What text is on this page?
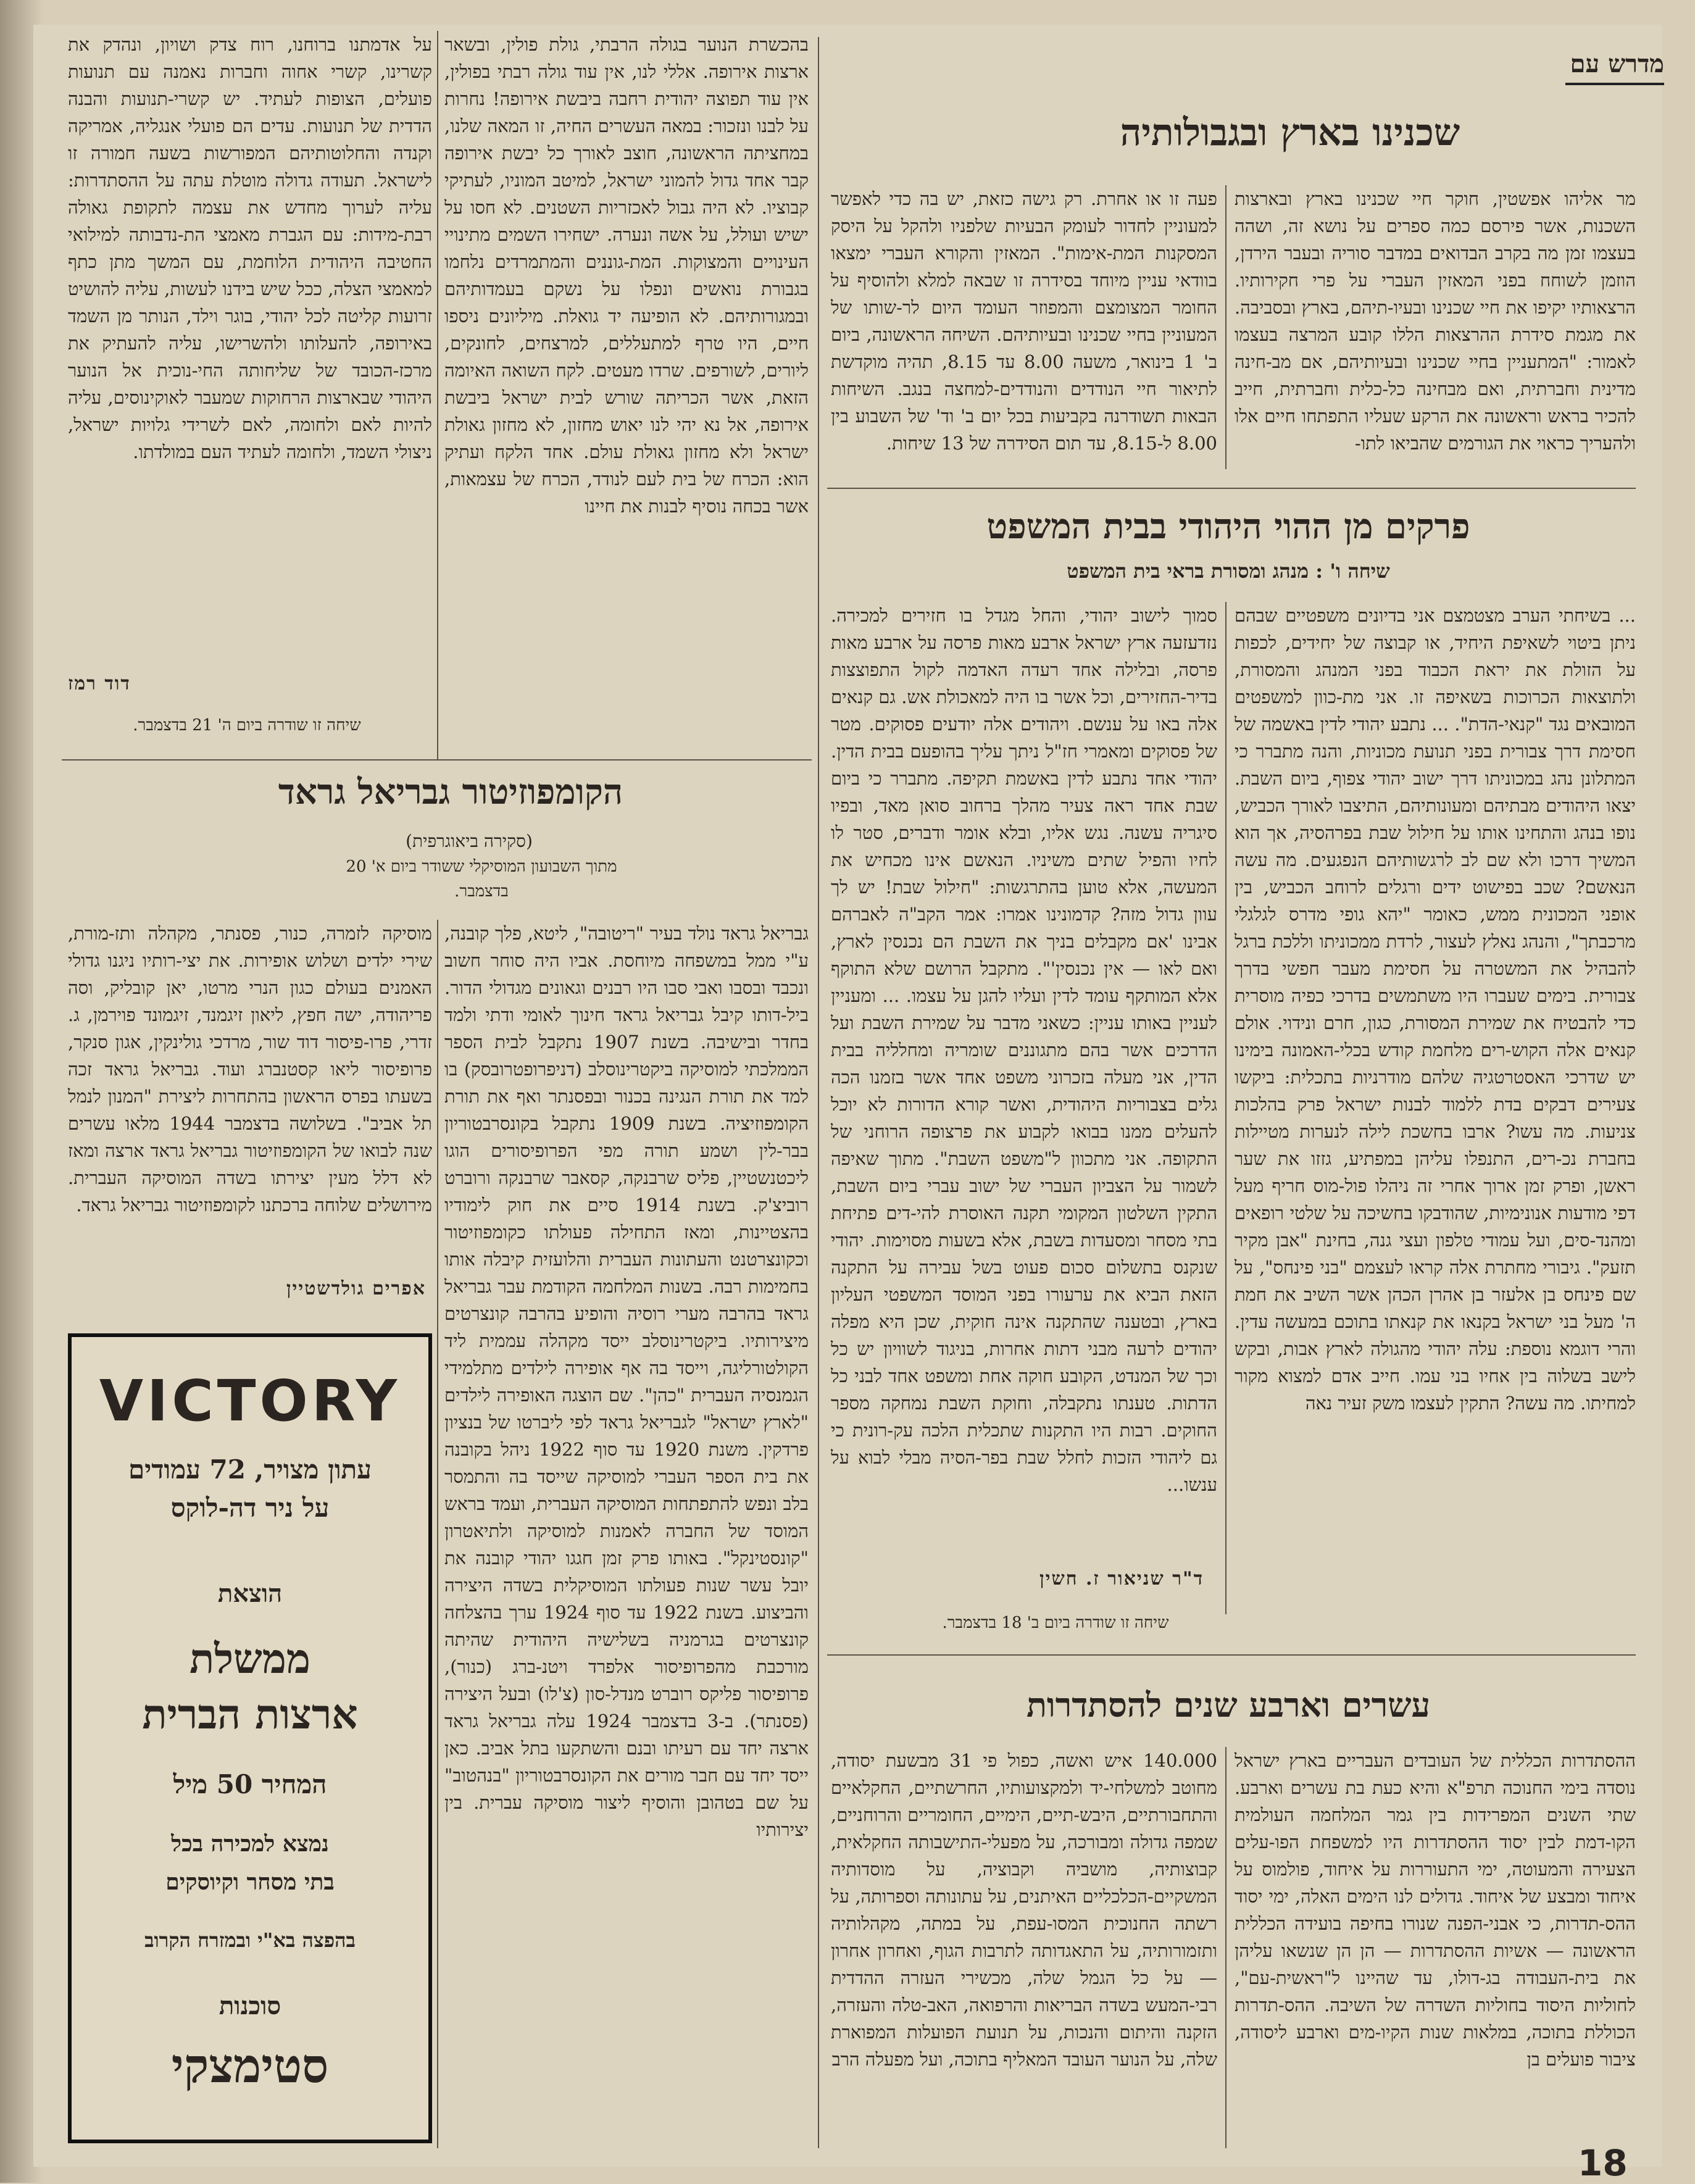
מדרש עם
שכנינו בארץ ובגבולותיה

מר אליהו אפשטין, חוקר חיי שכנינו בארץ ובארצות השכנות, אשר פירסם כמה ספרים על נושא זה, ושהה בעצמו זמן מה בקרב הבדואים במדבר סוריה ובעבר הירדן, הוזמן לשוחח בפני המאזין העברי על פרי חקירותיו. הרצאותיו יקיפו את חיי שכנינו ובעיו-תיהם, בארץ ובסביבה. את מגמת סידרת ההרצאות הללו קובע המרצה בעצמו לאמור: "המתעניין בחיי שכנינו ובעיותיהם, אם מב-חינה מדינית וחברתית, ואם מבחינה כל-כלית וחברתית, חייב להכיר בראש וראשונה את הרקע שעליו התפתחו חיים אלו ולהעריך כראוי את הגורמים שהביאו לתו-

פעה זו או אחרת. רק גישה כזאת, יש בה כדי לאפשר למעוניין לחדור לעומק הבעיות שלפניו ולהקל על היסק המסקנות המת-אימות". המאזין והקורא העברי ימצאו בוודאי עניין מיוחד בסידרה זו שבאה למלא ולהוסיף על החומר המצומצם והמפוזר העומד היום לר-שותו של המעוניין בחיי שכנינו ובעיותיהם. השיחה הראשונה, ביום ב' 1 בינואר, משעה 8.00 עד 8.15, תהיה מוקדשת לתיאור חיי הנודדים והנודדים-למחצה בנגב. השיחות הבאות תשודרנה בקביעות בכל יום ב' וד' של השבוע בין 8.00 ל-8.15, עד תום הסידרה של 13 שיחות.

פרקים מן ההוי היהודי בבית המשפט
שיחה ו' : מנהג ומסורת בראי בית המשפט

... בשיחתי הערב מצטמצם אני בדיונים משפטיים שבהם ניתן ביטוי לשאיפת היחיד, או קבוצה של יחידים, לכפות על הזולת את יראת הכבוד בפני המנהג והמסורת, ולתוצאות הכרוכות בשאיפה זו. אני מת-כוון למשפטים המובאים נגד "קנאי-הדת". ... נתבע יהודי לדין באשמה של חסימת דרך צבורית בפני תנועת מכוניות, והנה מתברר כי המתלונן נהג במכוניתו דרך ישוב יהודי צפוף, ביום השבת. יצאו היהודים מבתיהם ומעונותיהם, התיצבו לאורך הכביש, נופו בנהג והתחינו אותו על חילול שבת בפרהסיה, אך הוא המשיך דרכו ולא שם לב לרגשותיהם הנפגעים. מה עשה הנאשם? שכב בפישוט ידים ורגלים לרוחב הכביש, בין אופני המכונית ממש, כאומר "יהא גופי מדרס לגלגלי מרכבתך", והנהג נאלץ לעצור, לרדת ממכוניתו וללכת ברגל להבהיל את המשטרה על חסימת מעבר חפשי בדרך צבורית. בימים שעברו היו משתמשים בדרכי כפיה מוסרית כדי להבטיח את שמירת המסורת, כגון, חרם ונידוי. אולם קנאים אלה הקוש-רים מלחמת קודש בכלי-האמונה בימינו יש שדרכי האסטרטגיה שלהם מודרניות בתכלית: ביקשו צעירים דבקים בדת ללמוד לבנות ישראל פרק בהלכות צניעות. מה עשו? ארבו בחשכת לילה לנערות מטיילות בחברת נכ-רים, התנפלו עליהן במפתיע, גזזו את שער ראשן, ופרק זמן ארוך אחרי זה ניהלו פול-מוס חריף מעל דפי מודעות אנונימיות, שהודבקו בחשיכה על שלטי רופאים ומהנד-סים, ועל עמודי טלפון ועצי גנה, בחינת "אבן מקיר תזעק". גיבורי מחתרת אלה קראו לעצמם "בני פינחס", על שם פינחס בן אלעזר בן אהרן הכהן אשר השיב את חמת ה' מעל בני ישראל בקנאו את קנאתו בתוכם במעשה עדין. והרי דוגמא נוספת: עלה יהודי מהגולה לארץ אבות, ובקש לישב בשלוה בין אחיו בני עמו. חייב אדם למצוא מקור למחיתו. מה עשה? התקין לעצמו משק זעיר נאה

סמוך לישוב יהודי, והחל מגדל בו חזירים למכירה. נזדעזעה ארץ ישראל ארבע מאות פרסה על ארבע מאות פרסה, ובלילה אחד רעדה האדמה לקול התפוצצות בדיר-החזירים, וכל אשר בו היה למאכולת אש. גם קנאים אלה באו על ענשם. ויהודים אלה יודעים פסוקים. מטר של פסוקים ומאמרי חז"ל ניתך עליך בהופעם בבית הדין. יהודי אחד נתבע לדין באשמת תקיפה. מתברר כי ביום שבת אחד ראה צעיר מהלך ברחוב סואן מאד, ובפיו סיגריה עשנה. נגש אליו, ובלא אומר ודברים, סטר לו לחיו והפיל שתים משיניו. הנאשם אינו מכחיש את המעשה, אלא טוען בהתרגשות: "חילול שבת! יש לך עוון גדול מזה? קדמונינו אמרו: אמר הקב"ה לאברהם אבינו 'אם מקבלים בניך את השבת הם נכנסין לארץ, ואם לאו — אין נכנסין'". מתקבל הרושם שלא התוקף אלא המותקף עומד לדין ועליו להגן על עצמו. ... ומעניין לעניין באותו עניין: כשאני מדבר על שמירת השבת ועל הדרכים אשר בהם מתגוננים שומריה ומחלליה בבית הדין, אני מעלה בזכרוני משפט אחד אשר בזמנו הכה גלים בצבוריות היהודית, ואשר קורא הדורות לא יוכל להעלים ממנו בבואו לקבוע את פרצופה הרוחני של התקופה. אני מתכוון ל"משפט השבת". מתוך שאיפה לשמור על הצביון העברי של ישוב עברי ביום השבת, התקין השלטון המקומי תקנה האוסרת להי-דים פתיחת בתי מסחר ומסעדות בשבת, אלא בשעות מסוימות. יהודי שנקנס בתשלום סכום פעוט בשל עבירה על התקנה הזאת הביא את ערעורו בפני המוסד המשפטי העליון בארץ, ובטענה שהתקנה אינה חוקית, שכן היא מפלה יהודים לרעה מבני דתות אחרות, בניגוד לשוויון יש כל וכך של המנדט, הקובע חוקה אחת ומשפט אחד לבני כל הדתות. טענתו נתקבלה, וחוקת השבת נמחקה מספר החוקים. רבות היו התקנות שתכלית הלכה עק-רונית כי גם ליהודי הזכות לחלל שבת בפר-הסיה מבלי לבוא על ענשו...

ד"ר שניאור ז. חשין
שיחה זו שודרה ביום ב' 18 בדצמבר.
עשרים וארבע שנים להסתדרות

ההסתדרות הכללית של העובדים העבריים בארץ ישראל נוסדה בימי החנוכה תרפ"א והיא כעת בת עשרים וארבע. שתי השנים המפרידות בין גמר המלחמה העולמית הקו-דמת לבין יסוד ההסתדרות היו למשפחת הפו-עלים הצעירה והמעוטה, ימי התעוררות על איחוד, פולמוס על איחוד ומבצע של איחוד. גדולים לנו הימים האלה, ימי יסוד ההס-תדרות, כי אבני-הפנה שנורו בחיפה בועידה הכללית הראשונה — אשיות ההסתדרות — הן הן שנשאו עליהן את בית-העבודה בג-דולו, עד שהיינו ל"ראשית-עם", לחוליות היסוד בחוליות השדרה של השיבה. ההס-תדרות הכוללת בתוכה, במלאות שנות הקיו-מים וארבע ליסודה, ציבור פועלים בן

140.000 איש ואשה, כפול פי 31 מבשעת יסודה, מחוטב למשלחי-יד ולמקצועותיו, החרשתיים, החקלאיים והתחבורתיים, היבש-תיים, הימיים, החומריים והרוחניים, שמפה גדולה ומבורכה, על מפעלי-התישבותה החקלאית, קבוצותיה, מושביה וקבוציה, על מוסדותיה המשקיים-הכלכליים האיתנים, על עתונותה וספרותה, על רשתה החנוכית המסו-עפת, על במתה, מקהלותיה ותזמורותיה, על התאגדותה לתרבות הגוף, ואחרון אחרון — על כל הגמל שלה, מכשירי העזרה ההדדית רבי-המעש בשדה הבריאות והרפואה, האב-טלה והעזרה, הזקנה והיתום והנכות, על תנועת הפועלות המפוארת שלה, על הנוער העובד המאליף בתוכה, ועל מפעלה הרב

בהכשרת הנוער בגולה הרבתי, גולת פולין, ובשאר ארצות אירופה. אללי לנו, אין עוד גולה רבתי בפולין, אין עוד תפוצה יהודית רחבה ביבשת אירופה! נחרות על לבנו ונזכור: במאה העשרים החיה, זו המאה שלנו, במחציתה הראשונה, חוצב לאורך כל יבשת אירופה קבר אחד גדול להמוני ישראל, למיטב המוניו, לעתיקי קבוציו. לא היה גבול לאכזריות השטנים. לא חסו על ישיש ועולל, על אשה ונערה. ישחירו השמים מתינויי העינויים והמצוקות. המת-גוננים והמתמרדים נלחמו בגבורת נואשים ונפלו על נשקם בעמדותיהם ובמגורותיהם. לא הופיעה יד גואלת. מיליונים ניספו חיים, היו טרף למתעללים, למרצחים, לחונקים, ליורים, לשורפים. שרדו מעטים. לקח השואה האיומה הזאת, אשר הכריתה שורש לבית ישראל ביבשת אירופה, אל נא יהי לנו יאוש מחזון, לא מחזון גאולת ישראל ולא מחזון גאולת עולם. אחד הלקח ועתיק הוא: הכרח של בית לעם לנודד, הכרח של עצמאות, אשר בכחה נוסיף לבנות את חיינו

על אדמתנו ברוחנו, רוח צדק ושויון, ונהדק את קשרינו, קשרי אחוה וחברות נאמנה עם תנועות פועלים, הצופות לעתיד. יש קשרי-תנועות והבנה הדדית של תנועות. עדים הם פועלי אנגליה, אמריקה וקנדה והחלוטותיהם המפורשות בשעה חמורה זו לישראל. תעודה גדולה מוטלת עתה על ההסתדרות: עליה לערוך מחדש את עצמה לתקופת גאולה רבת-מידות: עם הגברת מאמצי הת-נדבותה למילואי החטיבה היהודית הלוחמת, עם המשך מתן כתף למאמצי הצלה, ככל שיש בידנו לעשות, עליה להושיט זרועות קליטה לכל יהודי, בוגר וילד, הנותר מן השמד באירופה, להעלותו ולהשרישו, עליה להעתיק את מרכז-הכובד של שליחותה החי-נוכית אל הנוער היהודי שבארצות הרחוקות שמעבר לאוקינוסים, עליה להיות לאם ולחומה, לאם לשרידי גלויות ישראל, ניצולי השמד, ולחומה לעתיד העם במולדתו.

דוד רמז
שיחה זו שודרה ביום ה' 21 בדצמבר.
הקומפוזיטור גבריאל גראד
(סקירה ביאוגרפית)
מתוך השבועון המוסיקלי ששודר ביום א' 20 בדצמבר.

גבריאל גראד נולד בעיר "ריטובה", ליטא, פלך קובנה, ע"י ממל במשפחה מיוחסת. אביו היה סוחר חשוב ונכבד ובסבו ואבי סבו היו רבנים וגאונים מגדולי הדור. ביל-דותו קיבל גבריאל גראד חינוך לאומי ודתי ולמד בחדר ובישיבה. בשנת 1907 נתקבל לבית הספר הממלכתי למוסיקה ביקטרינוסלב (דניפרופטרובסק) בו למד את תורת הנגינה בכנור ובפסנתר ואף את תורת הקומפוזיציה. בשנת 1909 נתקבל בקונסרבטוריון בבר-לין ושמע תורה מפי הפרופיסורים הוגו ליכטנשטיין, פליס שרבנקה, קסאבר שרבנקה ורוברט רוביצ'ק. בשנת 1914 סיים את חוק לימודיו בהצטיינות, ומאז התחילה פעולתו כקומפוזיטור וכקונצרטנט והעתונות העברית והלועזית קיבלה אותו בחמימות רבה. בשנות המלחמה הקודמת עבר גבריאל גראד בהרבה מערי רוסיה והופיע בהרבה קונצרטים מיצירותיו. ביקטרינוסלב ייסד מקהלה עממית ליד הקולטורליגה, וייסד בה אף אופירה לילדים מתלמידי הגמנסיה העברית "כהן". שם הוצגה האופירה לילדים "לארץ ישראל" לגבריאל גראד לפי ליברטו של בנציון פרדקין. משנת 1920 עד סוף 1922 ניהל בקובנה את בית הספר העברי למוסיקה שייסד בה והתמסר בלב ונפש להתפתחות המוסיקה העברית, ועמד בראש המוסד של החברה לאמנות למוסיקה ולתיאטרון "קונסטינקל". באותו פרק זמן חגגו יהודי קובנה את יובל עשר שנות פעולתו המוסיקלית בשדה היצירה והביצוע. בשנת 1922 עד סוף 1924 ערך בהצלחה קונצרטים בגרמניה בשלישיה היהודית שהיתה מורכבת מהפרופיסור אלפרד ויטנ-ברג (כנור), פרופיסור פליקס רוברט מנדל-סון (צ'לו) ובעל היצירה (פסנתר). ב-3 בדצמבר 1924 עלה גבריאל גראד ארצה יחד עם רעיתו ובנם והשתקעו בתל אביב. כאן ייסד יחד עם חבר מורים את הקונסרבטוריון "בנהטוב" על שם בטהובן והוסיף ליצור מוסיקה עברית. בין יצירותיו

מוסיקה לזמרה, כנור, פסנתר, מקהלה ותז-מורת, שירי ילדים ושלוש אופירות. את יצי-רותיו ניגנו גדולי האמנים בעולם כגון הנרי מרטו, יאן קובליק, וסה פריהודה, ישה חפץ, ליאון זיגמנד, זיגמונד פוירמן, ג. זדרי, פרו-פיסור דוד שור, מרדכי גולינקין, אגון סנקר, פרופיסור ליאו קסטנברג ועוד. גבריאל גראד זכה בשעתו בפרס הראשון בהתחרות ליצירת "המנון לנמל תל אביב". בשלושה בדצמבר 1944 מלאו עשרים שנה לבואו של הקומפוזיטור גבריאל גראד ארצה ומאז לא דלל מעין יצירתו בשדה המוסיקה העברית. מירושלים שלוחה ברכתנו לקומפוזיטור גבריאל גראד.

אפרים גולדשטיין
VICTORY
עתון מצויר, 72 עמודים
על ניר דה-לוקס
הוצאת
ממשלת
ארצות הברית
המחיר 50 מיל
נמצא למכירה בכל
בתי מסחר וקיוסקים
בהפצה בא"י ובמזרח הקרוב
סוכנות
סטימצקי
18
